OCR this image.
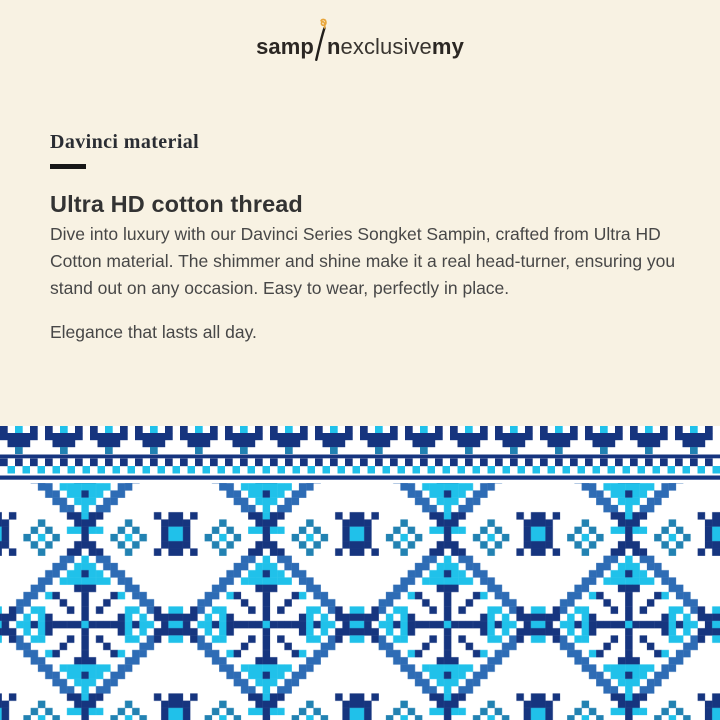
samp n exclusive my
Davinci material
Ultra HD cotton thread

Dive into luxury with our Davinci Series Songket Sampin, crafted from Ultra HD Cotton material. The shimmer and shine make it a real head-turner, ensuring you stand out on any occasion. Easy to wear, perfectly in place.

Elegance that lasts all day.
